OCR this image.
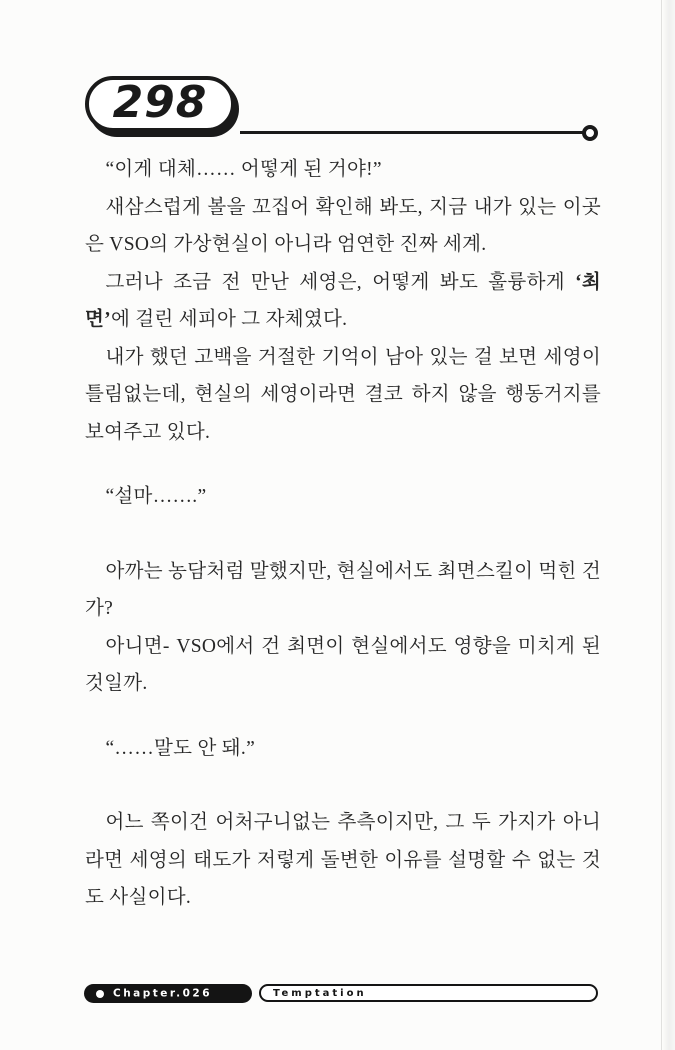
298

“이게 대체…… 어떻게 된 거야!”

새삼스럽게 볼을 꼬집어 확인해 봐도, 지금 내가 있는 이곳은 VSO의 가상현실이 아니라 엄연한 진짜 세계.

그러나 조금 전 만난 세영은, 어떻게 봐도 훌륭하게 ‘최면’에 걸린 세피아 그 자체였다.

내가 했던 고백을 거절한 기억이 남아 있는 걸 보면 세영이 틀림없는데, 현실의 세영이라면 결코 하지 않을 행동거지를 보여주고 있다.

“설마…….”

아까는 농담처럼 말했지만, 현실에서도 최면스킬이 먹힌 건가?

아니면- VSO에서 건 최면이 현실에서도 영향을 미치게 된 것일까.

“……말도 안 돼.”

어느 쪽이건 어처구니없는 추측이지만, 그 두 가지가 아니라면 세영의 태도가 저렇게 돌변한 이유를 설명할 수 없는 것도 사실이다.

Chapter.026	Temptation
